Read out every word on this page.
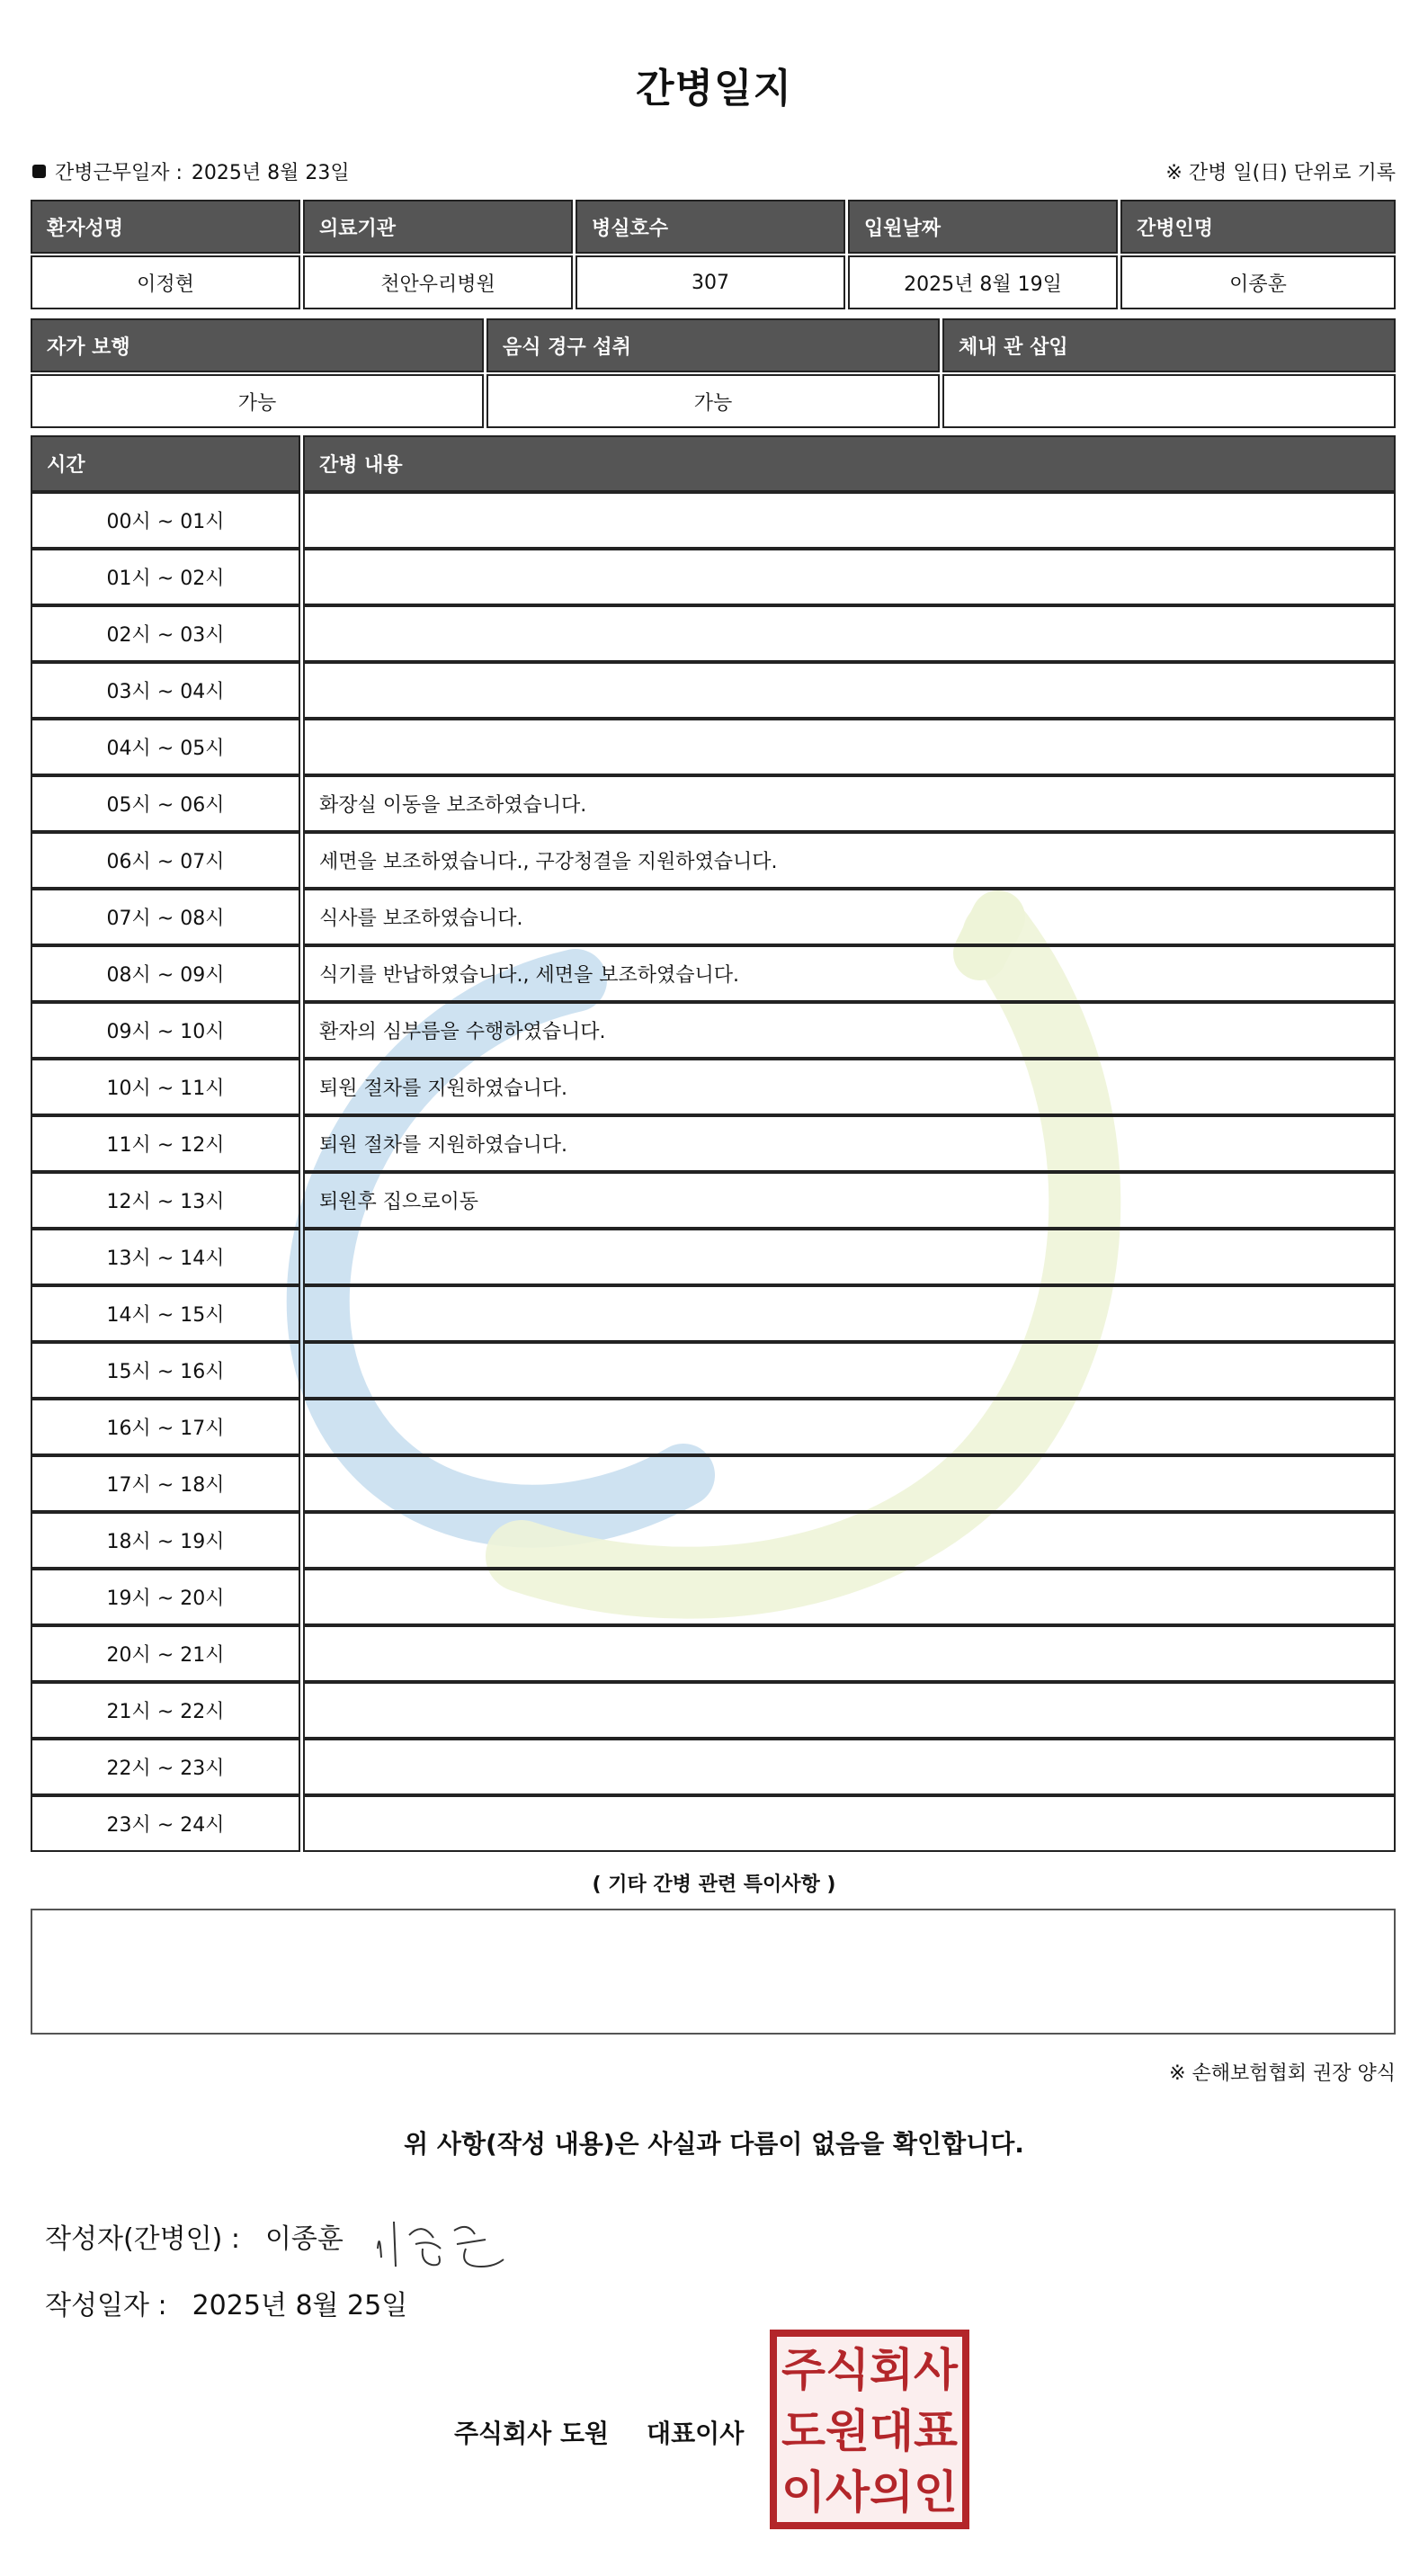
간병일지
간병근무일자 : 2025년 8월 23일	※ 간병 일(日) 단위로 기록
환자성명	의료기관	병실호수	입원날짜	간병인명
이정현	천안우리병원	307	2025년 8월 19일	이종훈
자가 보행	음식 경구 섭취	체내 관 삽입
가능	가능
시간	간병 내용
00시 ~ 01시
01시 ~ 02시
02시 ~ 03시
03시 ~ 04시
04시 ~ 05시
05시 ~ 06시	화장실 이동을 보조하였습니다.
06시 ~ 07시	세면을 보조하였습니다., 구강청결을 지원하였습니다.
07시 ~ 08시	식사를 보조하였습니다.
08시 ~ 09시	식기를 반납하였습니다., 세면을 보조하였습니다.
09시 ~ 10시	환자의 심부름을 수행하였습니다.
10시 ~ 11시	퇴원 절차를 지원하였습니다.
11시 ~ 12시	퇴원 절차를 지원하였습니다.
12시 ~ 13시	퇴원후 집으로이동
13시 ~ 14시
14시 ~ 15시
15시 ~ 16시
16시 ~ 17시
17시 ~ 18시
18시 ~ 19시
19시 ~ 20시
20시 ~ 21시
21시 ~ 22시
22시 ~ 23시
23시 ~ 24시
( 기타 간병 관련 특이사항 )
※ 손해보험협회 권장 양식
위 사항(작성 내용)은 사실과 다름이 없음을 확인합니다.
작성자(간병인) : 이종훈
작성일자 : 2025년 8월 25일
주식회사 도원 대표이사
주식회사
도원대표
이사의인
